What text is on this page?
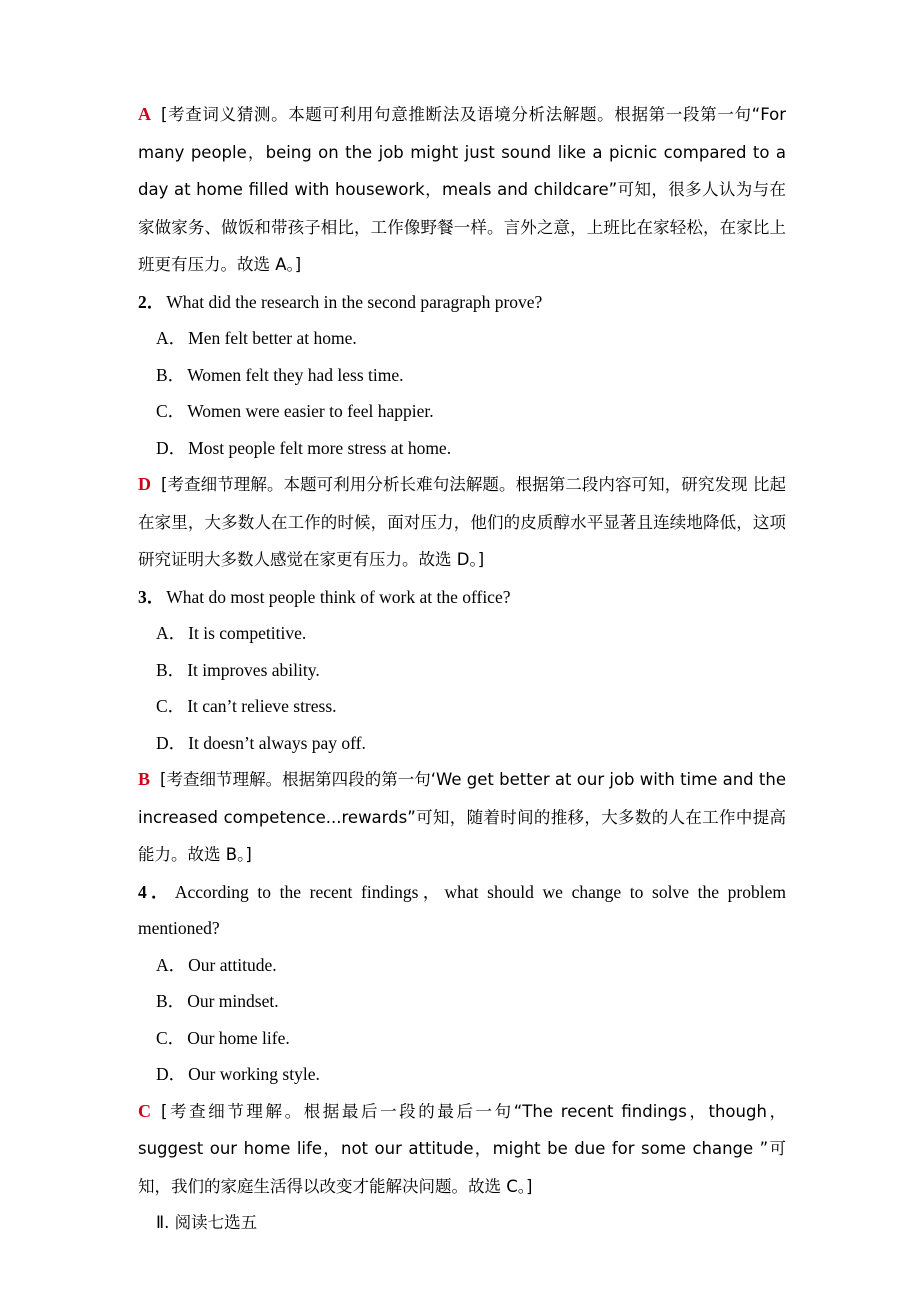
A [考查词义猜测。本题可利用句意推断法及语境分析法解题。根据第一段第一句“For many people，being on the job might just sound like a picnic compared to a day at home filled with housework，meals and childcare”可知，很多人认为与在家做家务、做饭和带孩子相比，工作像野餐一样。言外之意，上班比在家轻松，在家比上班更有压力。故选 A。]

2． What did the research in the second paragraph prove?

A． Men felt better at home.

B． Women felt they had less time.

C． Women were easier to feel happier.

D． Most people felt more stress at home.

D [考查细节理解。本题可利用分析长难句法解题。根据第二段内容可知，研究发现 比起在家里，大多数人在工作的时候，面对压力，他们的皮质醇水平显著且连续地降低，这项研究证明大多数人感觉在家更有压力。故选 D。]

3． What do most people think of work at the office?

A． It is competitive.

B． It improves ability.

C． It can’t relieve stress.

D． It doesn’t always pay off.

B [考查细节理解。根据第四段的第一句‘We get better at our job with time and the increased competence...rewards”可知，随着时间的推移，大多数的人在工作中提高能力。故选 B。]

4． According to the recent findings，what should we change to solve the problem mentioned?

A． Our attitude.

B． Our mindset.

C． Our home life.

D． Our working style.

C [考查细节理解。根据最后一段的最后一句“The recent findings，though，suggest our home life，not our attitude，might be due for some change ”可知，我们的家庭生活得以改变才能解决问题。故选 C。]

Ⅱ. 阅读七选五
